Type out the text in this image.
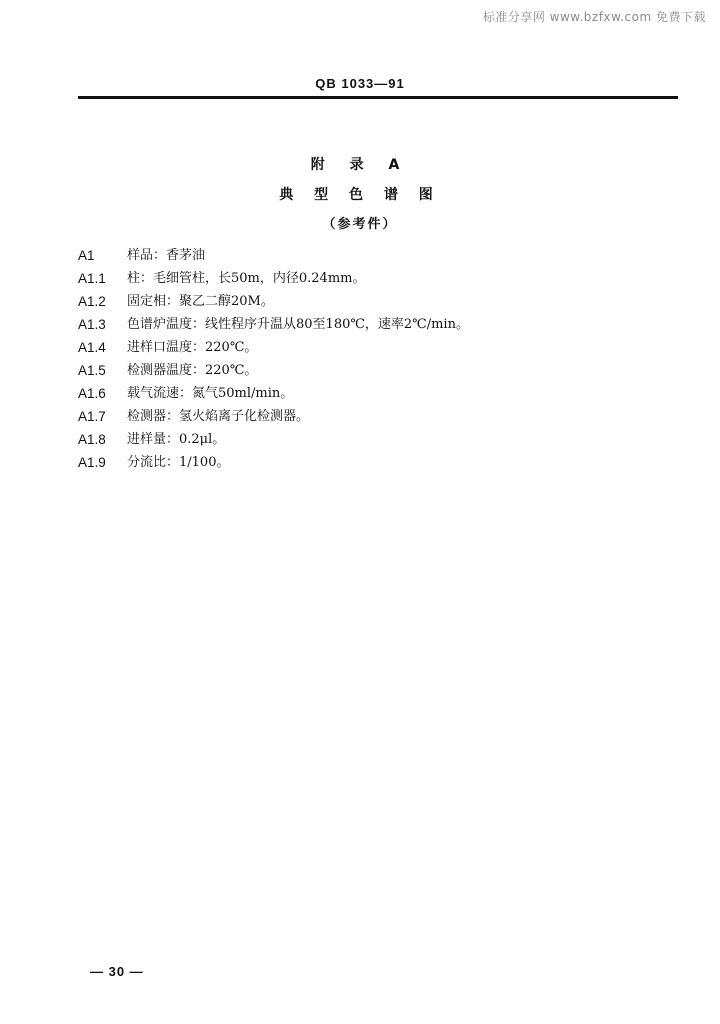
标准分享网 www.bzfxw.com 免费下载
QB 1033—91
附 录 A
典 型 色 谱 图
（参考件）
A1	样品：香茅油
A1.1	柱：毛细管柱，长50m，内径0.24mm。
A1.2	固定相：聚乙二醇20M。
A1.3	色谱炉温度：线性程序升温从80至180℃，速率2℃/min。
A1.4	进样口温度：220℃。
A1.5	检测器温度：220℃。
A1.6	载气流速：氮气50ml/min。
A1.7	检测器：氢火焰离子化检测器。
A1.8	进样量：0.2μl。
A1.9	分流比：1/100。
— 30 —
